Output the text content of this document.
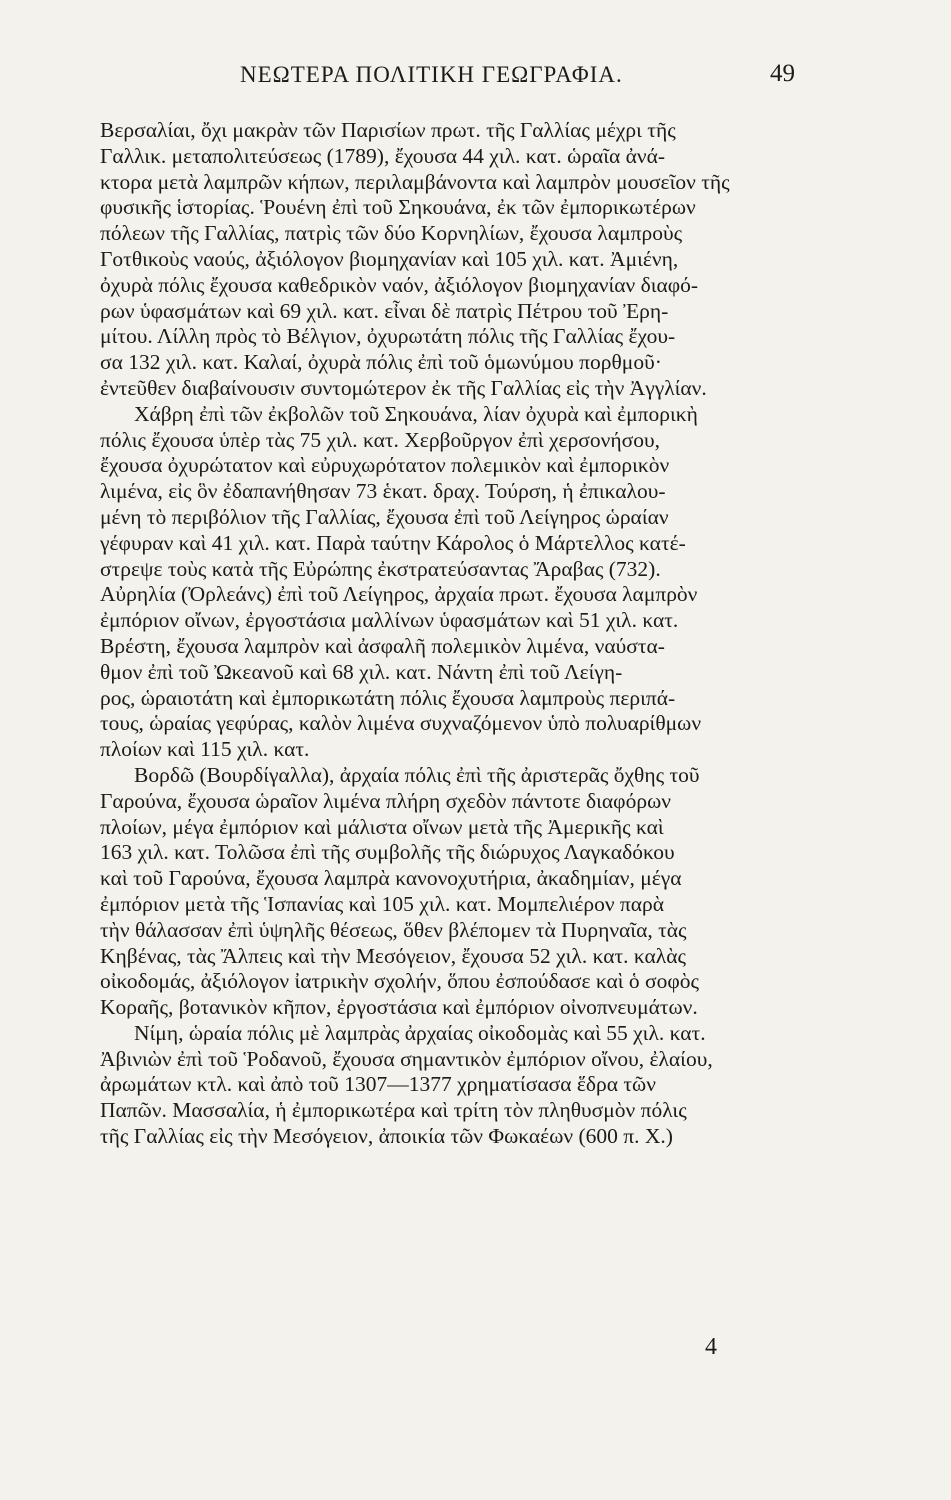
ΝΕΩΤΕΡΑ ΠΟΛΙΤΙΚΗ ΓΕΩΓΡΑΦΙΑ.	49

Βερσαλίαι, ὄχι μακρὰν τῶν Παρισίων πρωτ. τῆς Γαλλίας μέχρι τῆς
Γαλλικ. μεταπολιτεύσεως (1789), ἔχουσα 44 χιλ. κατ. ὡραῖα ἀνά-
κτορα μετὰ λαμπρῶν κήπων, περιλαμβάνοντα καὶ λαμπρὸν μουσεῖον τῆς
φυσικῆς ἱστορίας. Ῥουένη ἐπὶ τοῦ Σηκουάνα, ἐκ τῶν ἐμπορικωτέρων
πόλεων τῆς Γαλλίας, πατρὶς τῶν δύο Κορνηλίων, ἔχουσα λαμπροὺς
Γοτθικοὺς ναούς, ἀξιόλογον βιομηχανίαν καὶ 105 χιλ. κατ. Ἀμιένη,
ὀχυρὰ πόλις ἔχουσα καθεδρικὸν ναόν, ἀξιόλογον βιομηχανίαν διαφό-
ρων ὑφασμάτων καὶ 69 χιλ. κατ. εἶναι δὲ πατρὶς Πέτρου τοῦ Ἐρη-
μίτου. Λίλλη πρὸς τὸ Βέλγιον, ὀχυρωτάτη πόλις τῆς Γαλλίας ἔχου-
σα 132 χιλ. κατ. Καλαί, ὀχυρὰ πόλις ἐπὶ τοῦ ὁμωνύμου πορθμοῦ·
ἐντεῦθεν διαβαίνουσιν συντομώτερον ἐκ τῆς Γαλλίας εἰς τὴν Ἀγγλίαν.

Χάβρη ἐπὶ τῶν ἐκβολῶν τοῦ Σηκουάνα, λίαν ὀχυρὰ καὶ ἐμπορικὴ
πόλις ἔχουσα ὑπὲρ τὰς 75 χιλ. κατ. Χερβοῦργον ἐπὶ χερσονήσου,
ἔχουσα ὀχυρώτατον καὶ εὐρυχωρότατον πολεμικὸν καὶ ἐμπορικὸν
λιμένα, εἰς ὃν ἐδαπανήθησαν 73 ἑκατ. δραχ. Τούρση, ἡ ἐπικαλου-
μένη τὸ περιβόλιον τῆς Γαλλίας, ἔχουσα ἐπὶ τοῦ Λείγηρος ὡραίαν
γέφυραν καὶ 41 χιλ. κατ. Παρὰ ταύτην Κάρολος ὁ Μάρτελλος κατέ-
στρεψε τοὺς κατὰ τῆς Εὐρώπης ἐκστρατεύσαντας Ἄραβας (732).
Αὐρηλία (Ὀρλεάνς) ἐπὶ τοῦ Λείγηρος, ἀρχαία πρωτ. ἔχουσα λαμπρὸν
ἐμπόριον οἴνων, ἐργοστάσια μαλλίνων ὑφασμάτων καὶ 51 χιλ. κατ.
Βρέστη, ἔχουσα λαμπρὸν καὶ ἀσφαλῆ πολεμικὸν λιμένα, ναύστα-
θμον ἐπὶ τοῦ Ὠκεανοῦ καὶ 68 χιλ. κατ. Νάντη ἐπὶ τοῦ Λείγη-
ρος, ὡραιοτάτη καὶ ἐμπορικωτάτη πόλις ἔχουσα λαμπροὺς περιπά-
τους, ὡραίας γεφύρας, καλὸν λιμένα συχναζόμενον ὑπὸ πολυαρίθμων
πλοίων καὶ 115 χιλ. κατ.

Βορδῶ (Βουρδίγαλλα), ἀρχαία πόλις ἐπὶ τῆς ἀριστερᾶς ὄχθης τοῦ
Γαρούνα, ἔχουσα ὡραῖον λιμένα πλήρη σχεδὸν πάντοτε διαφόρων
πλοίων, μέγα ἐμπόριον καὶ μάλιστα οἴνων μετὰ τῆς Ἀμερικῆς καὶ
163 χιλ. κατ. Τολῶσα ἐπὶ τῆς συμβολῆς τῆς διώρυχος Λαγκαδόκου
καὶ τοῦ Γαρούνα, ἔχουσα λαμπρὰ κανονοχυτήρια, ἀκαδημίαν, μέγα
ἐμπόριον μετὰ τῆς Ἱσπανίας καὶ 105 χιλ. κατ. Μομπελιέρον παρὰ
τὴν θάλασσαν ἐπὶ ὑψηλῆς θέσεως, ὅθεν βλέπομεν τὰ Πυρηναῖα, τὰς
Κηβένας, τὰς Ἄλπεις καὶ τὴν Μεσόγειον, ἔχουσα 52 χιλ. κατ. καλὰς
οἰκοδομάς, ἀξιόλογον ἰατρικὴν σχολήν, ὅπου ἐσπούδασε καὶ ὁ σοφὸς
Κοραῆς, βοτανικὸν κῆπον, ἐργοστάσια καὶ ἐμπόριον οἰνοπνευμάτων.

Νίμη, ὡραία πόλις μὲ λαμπρὰς ἀρχαίας οἰκοδομὰς καὶ 55 χιλ. κατ.
Ἀβινιὼν ἐπὶ τοῦ Ῥοδανοῦ, ἔχουσα σημαντικὸν ἐμπόριον οἴνου, ἐλαίου,
ἀρωμάτων κτλ. καὶ ἀπὸ τοῦ 1307—1377 χρηματίσασα ἕδρα τῶν
Παπῶν. Μασσαλία, ἡ ἐμπορικωτέρα καὶ τρίτη τὸν πληθυσμὸν πόλις
τῆς Γαλλίας εἰς τὴν Μεσόγειον, ἀποικία τῶν Φωκαέων (600 π. Χ.)

4
